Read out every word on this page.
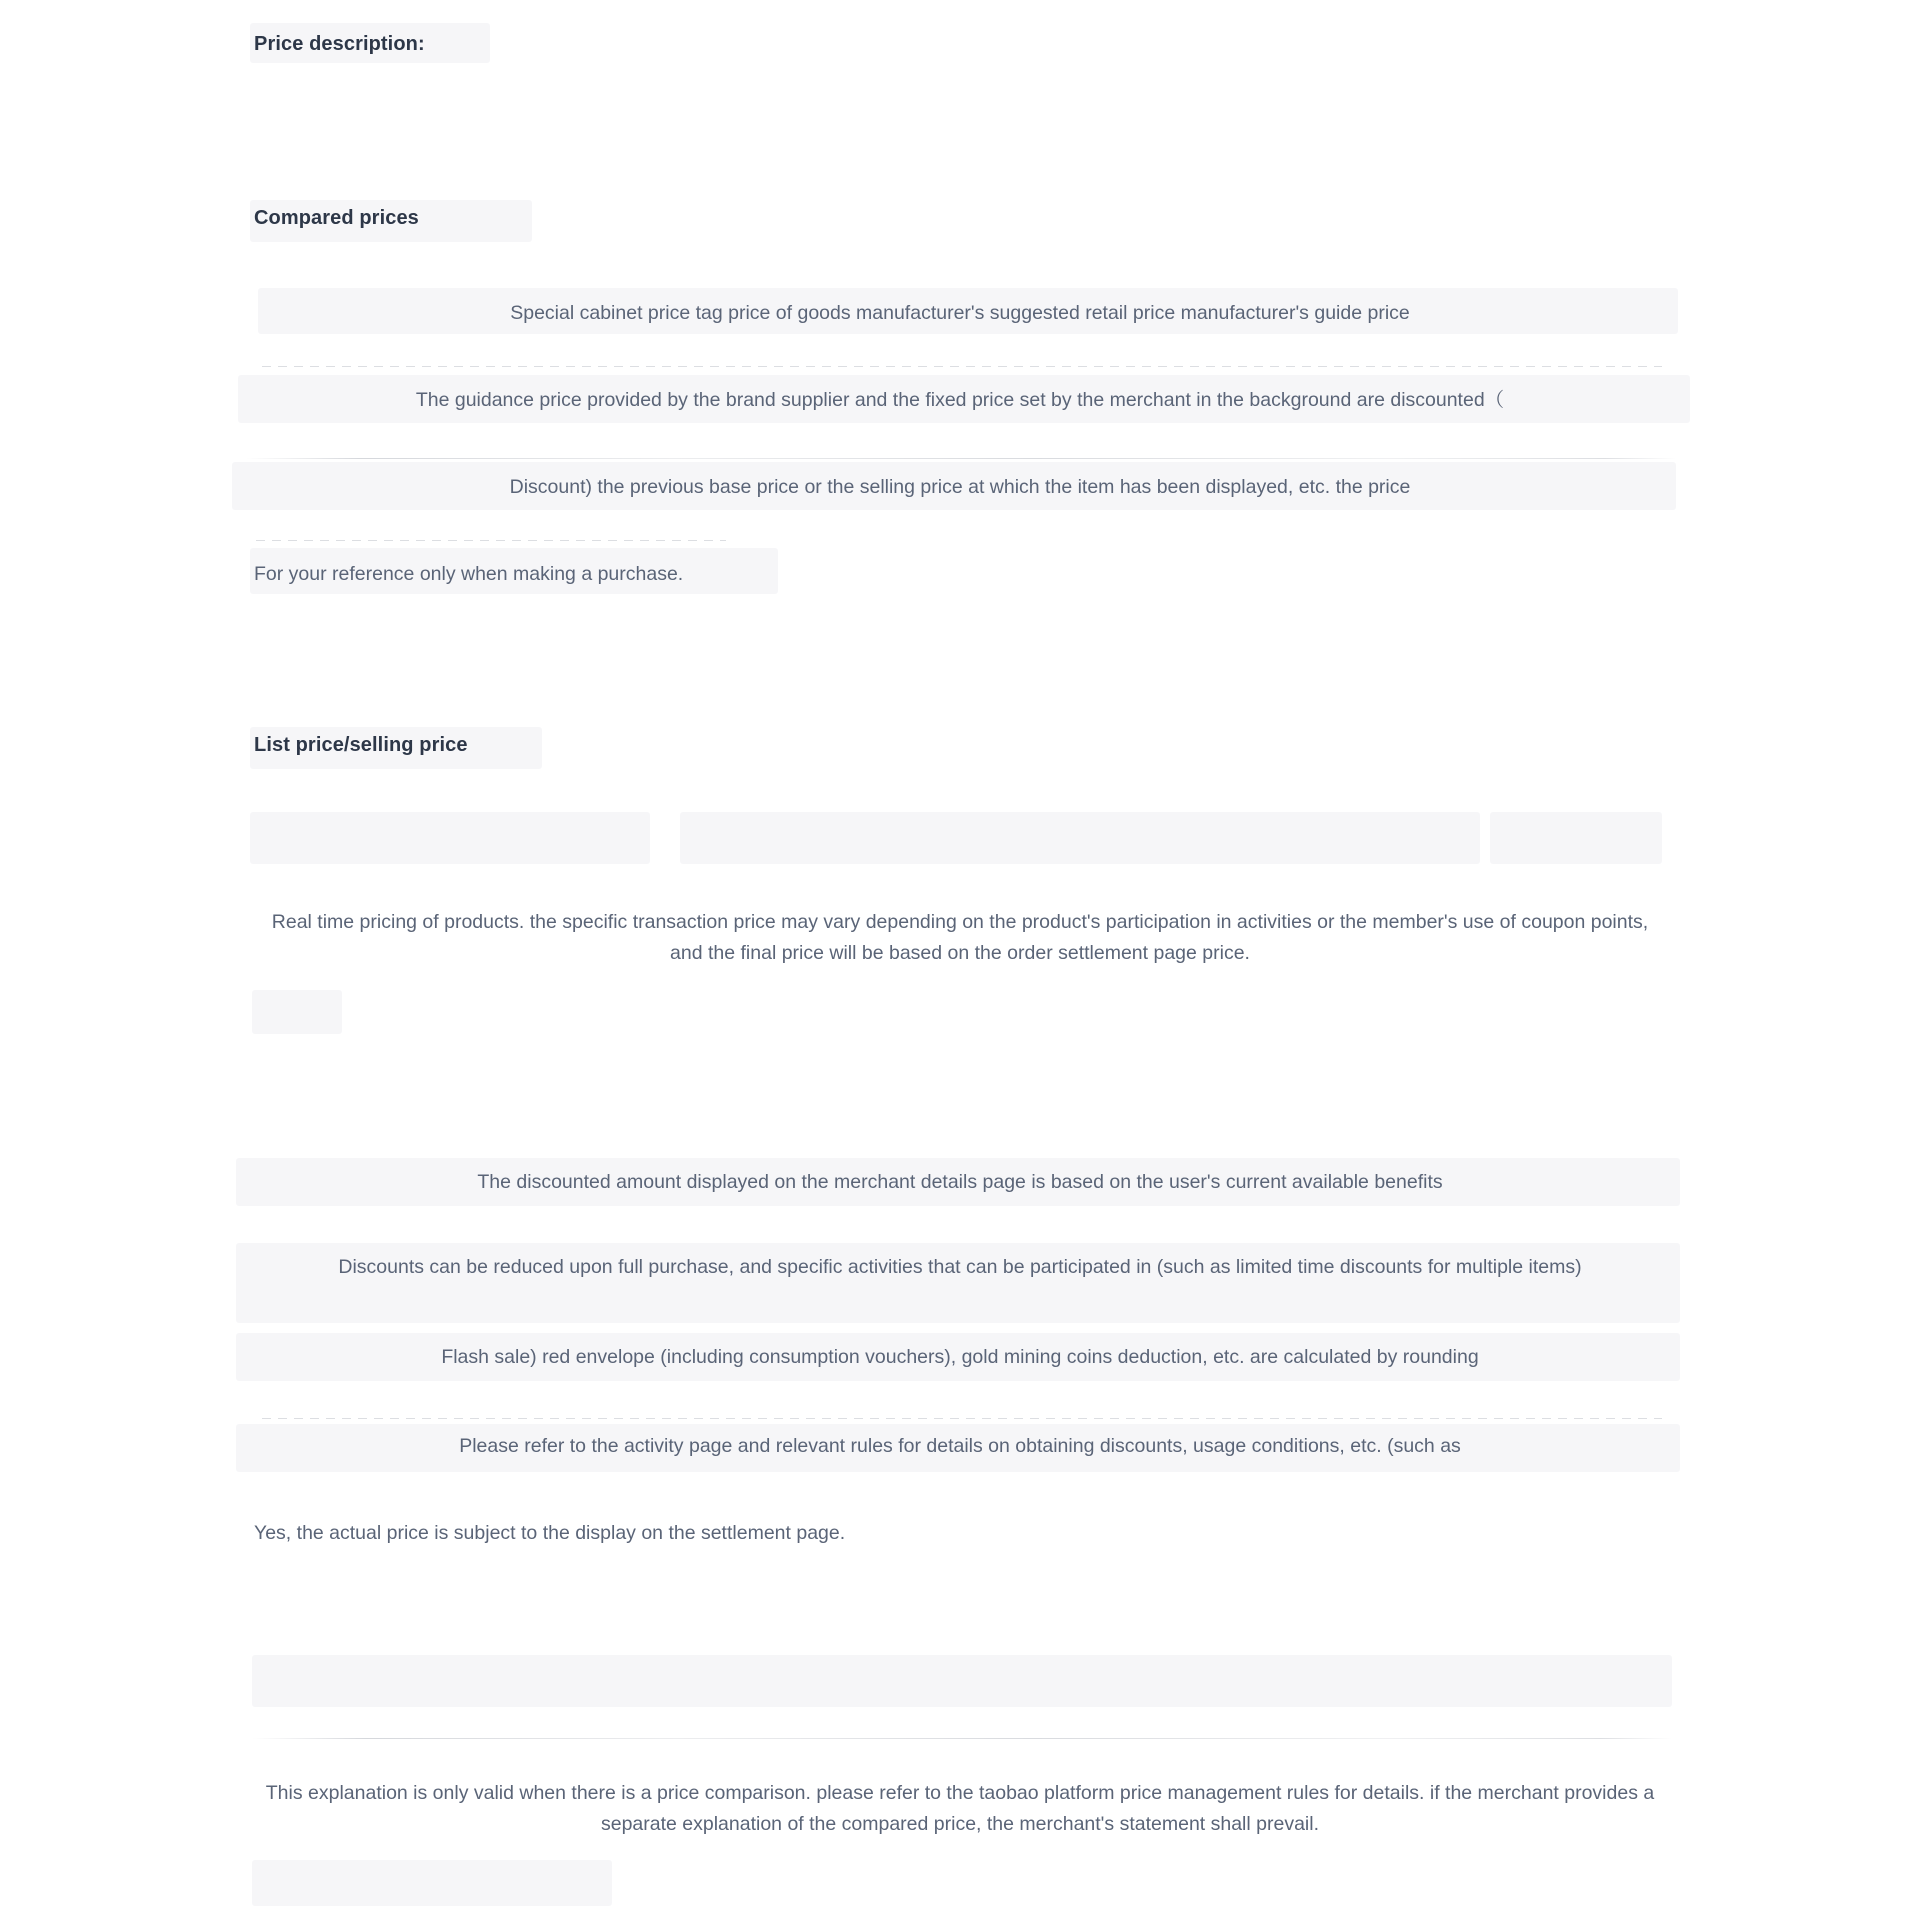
Price description:
Compared prices
Special cabinet price tag price of goods manufacturer's suggested retail price manufacturer's guide price
The guidance price provided by the brand supplier and the fixed price set by the merchant in the background are discounted（
Discount) the previous base price or the selling price at which the item has been displayed, etc. the price
For your reference only when making a purchase.
List price/selling price
Real time pricing of products. the specific transaction price may vary depending on the product's participation in activities or the member's use of coupon points, and the final price will be based on the order settlement page price.
The discounted amount displayed on the merchant details page is based on the user's current available benefits
Discounts can be reduced upon full purchase, and specific activities that can be participated in (such as limited time discounts for multiple items)
Flash sale) red envelope (including consumption vouchers), gold mining coins deduction, etc. are calculated by rounding
Please refer to the activity page and relevant rules for details on obtaining discounts, usage conditions, etc. (such as
Yes, the actual price is subject to the display on the settlement page.
This explanation is only valid when there is a price comparison. please refer to the taobao platform price management rules for details. if the merchant provides a separate explanation of the compared price, the merchant's statement shall prevail.
